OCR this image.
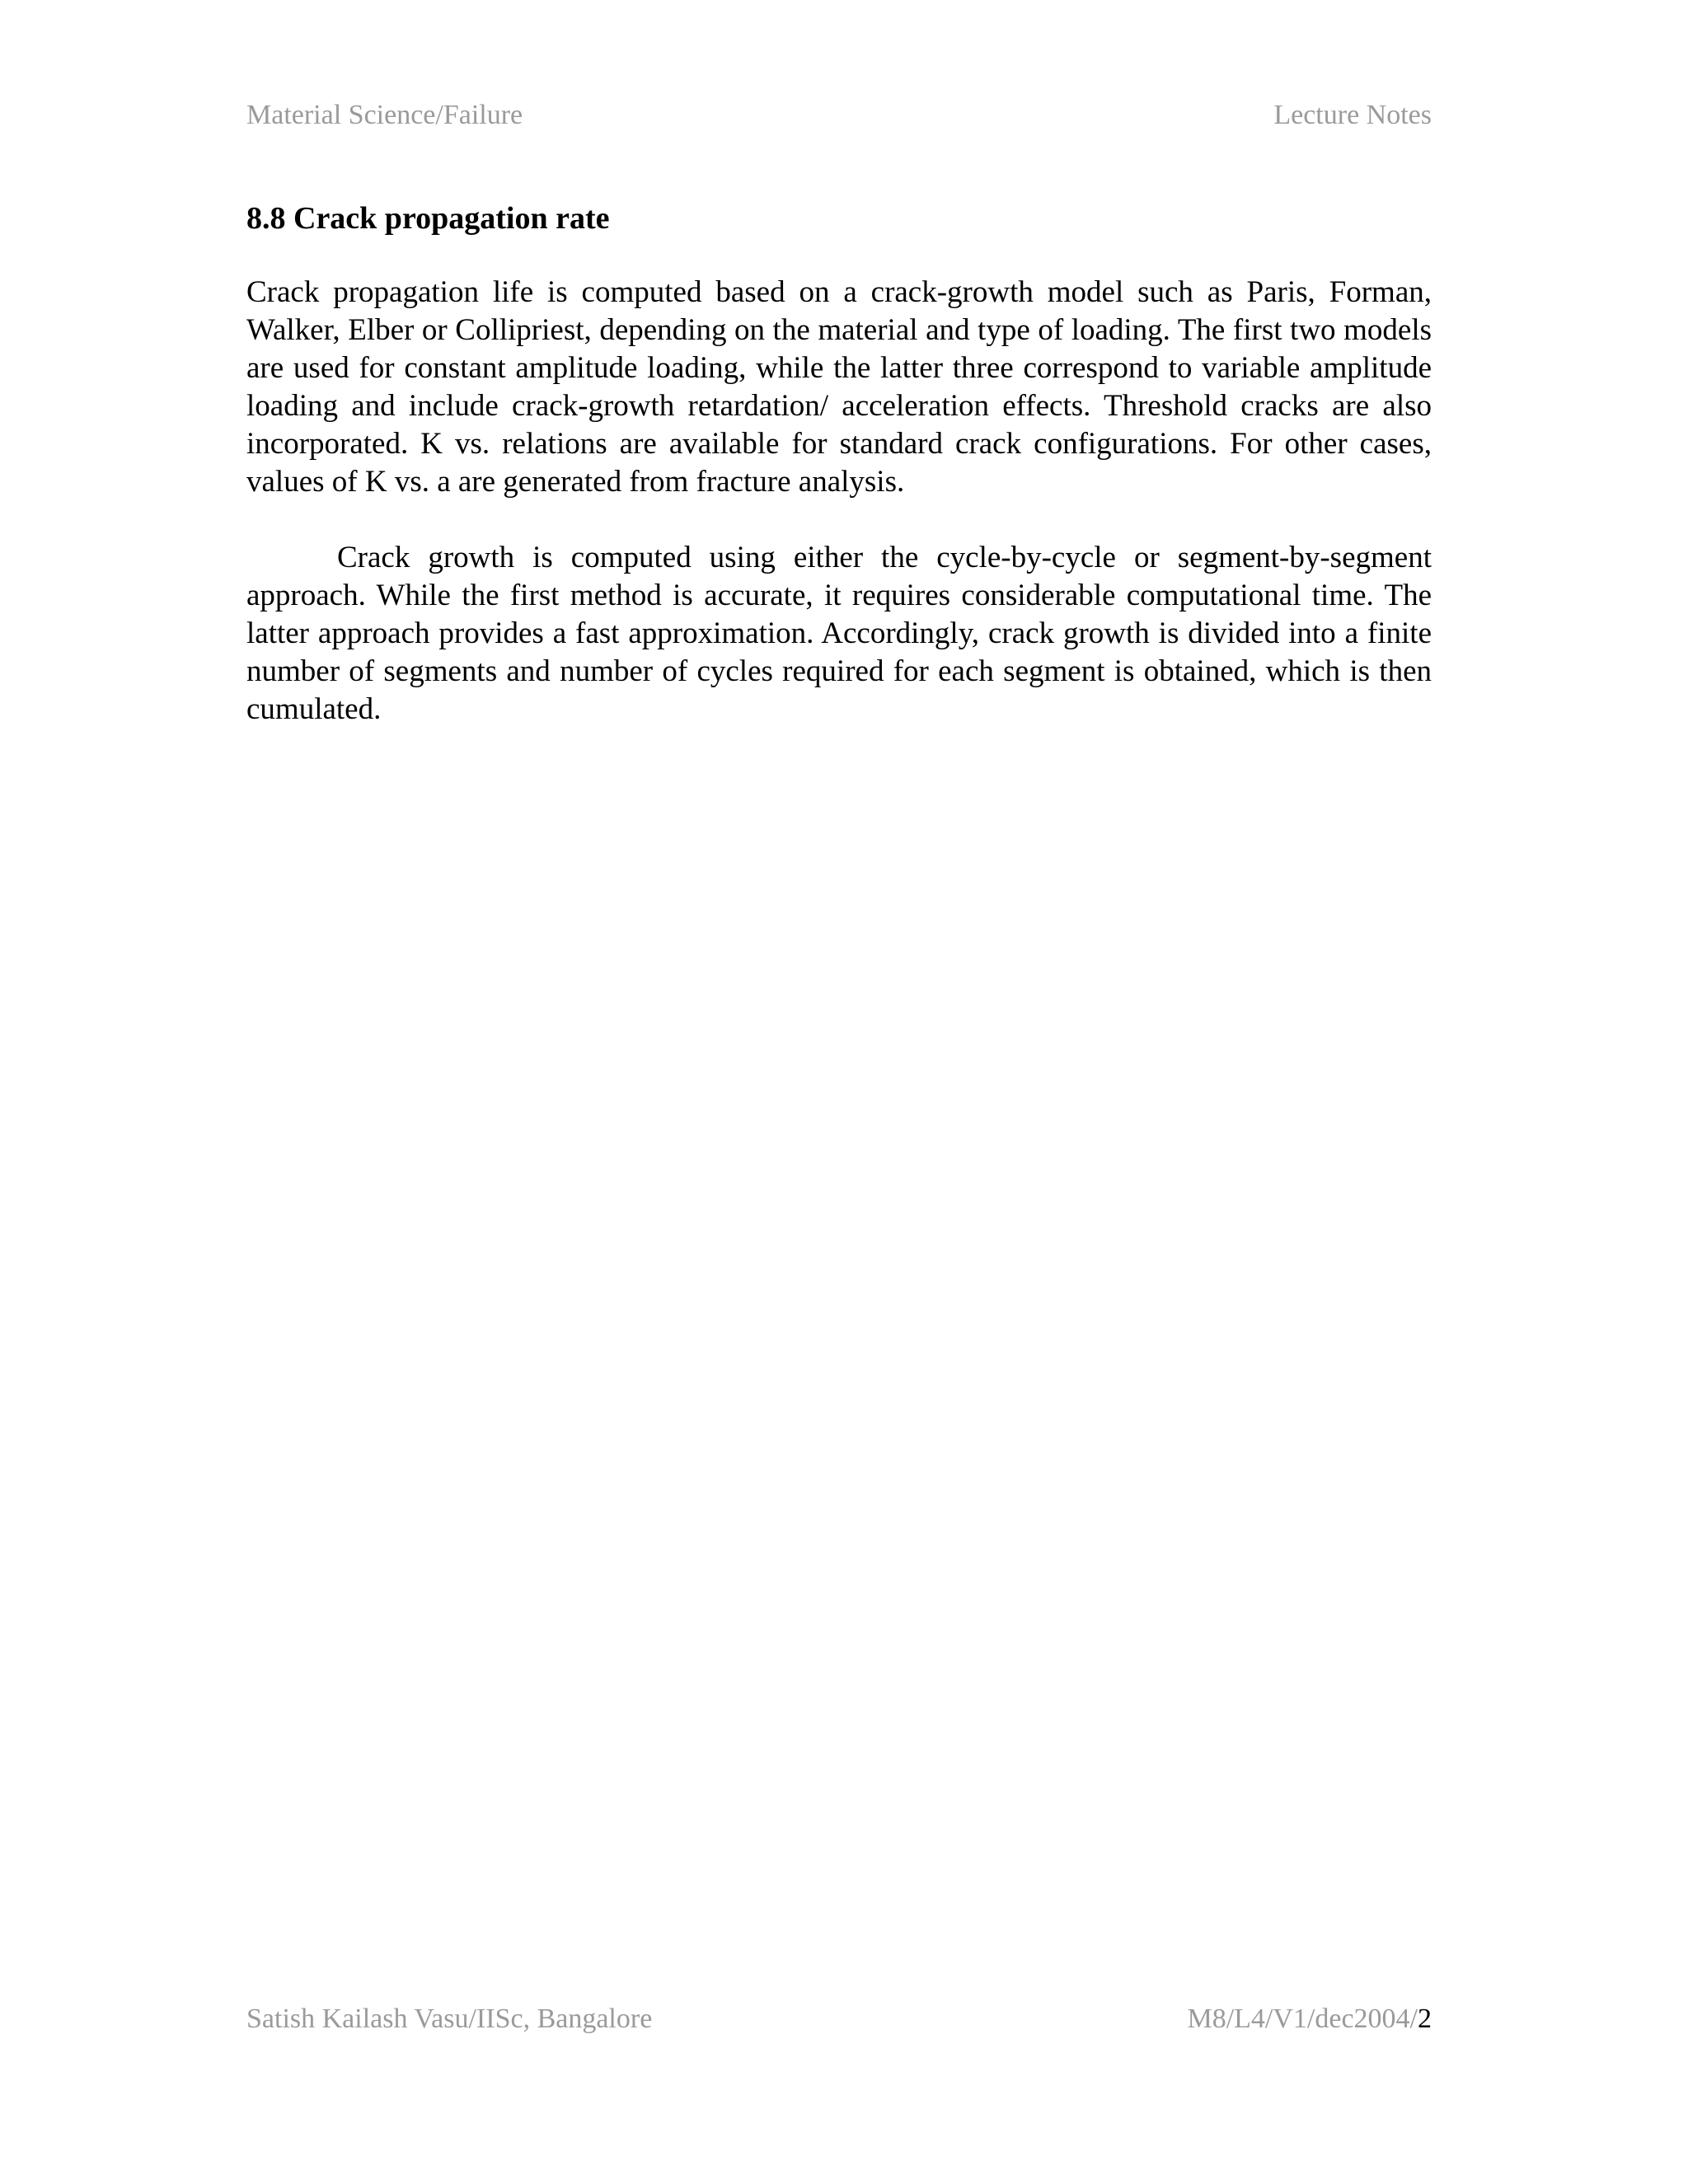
Material Science/Failure	Lecture Notes
8.8 Crack propagation rate

Crack propagation life is computed based on a crack-growth model such as Paris, Forman, Walker, Elber or Collipriest, depending on the material and type of loading. The first two models are used for constant amplitude loading, while the latter three correspond to variable amplitude loading and include crack-growth retardation/ acceleration effects. Threshold cracks are also incorporated. K vs. relations are available for standard crack configurations. For other cases, values of K vs. a are generated from fracture analysis.

Crack growth is computed using either the cycle-by-cycle or segment-by-segment approach. While the first method is accurate, it requires considerable computational time. The latter approach provides a fast approximation. Accordingly, crack growth is divided into a finite number of segments and number of cycles required for each segment is obtained, which is then cumulated.

Satish Kailash Vasu/IISc, Bangalore	M8/L4/V1/dec2004/2
